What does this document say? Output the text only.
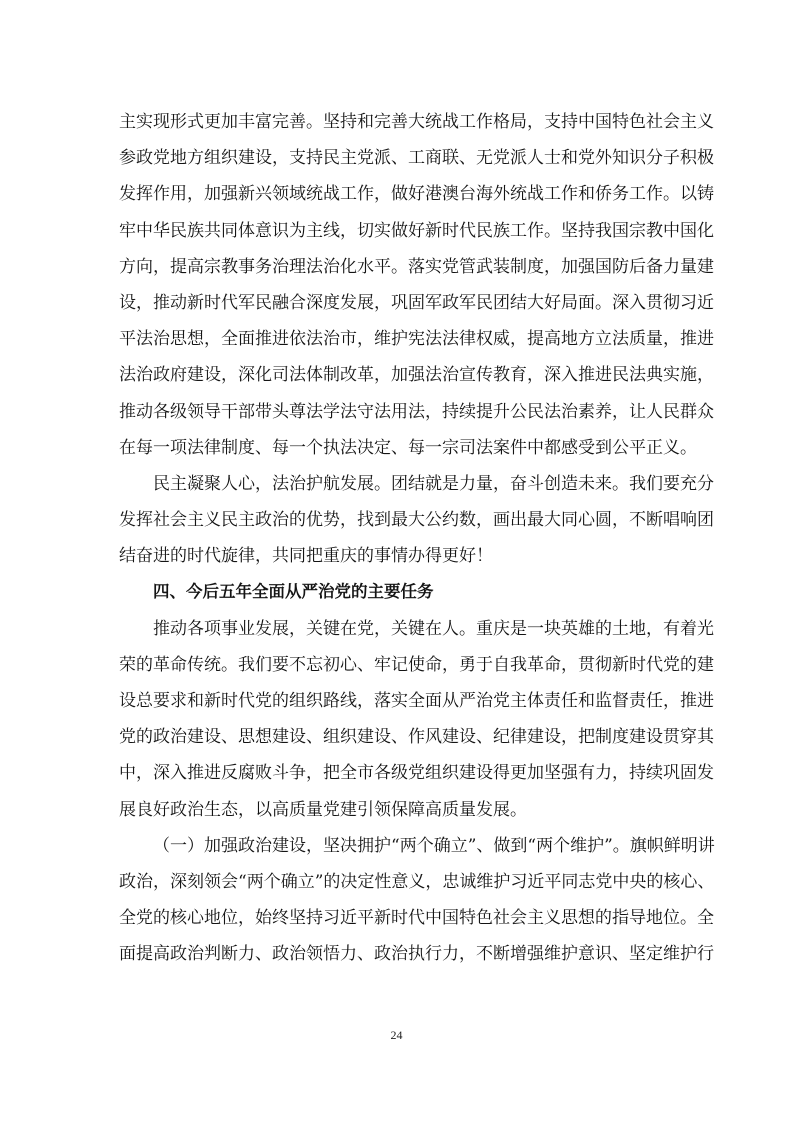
主实现形式更加丰富完善。坚持和完善大统战工作格局，支持中国特色社会主义
参政党地方组织建设，支持民主党派、工商联、无党派人士和党外知识分子积极
发挥作用，加强新兴领域统战工作，做好港澳台海外统战工作和侨务工作。以铸
牢中华民族共同体意识为主线，切实做好新时代民族工作。坚持我国宗教中国化
方向，提高宗教事务治理法治化水平。落实党管武装制度，加强国防后备力量建
设，推动新时代军民融合深度发展，巩固军政军民团结大好局面。深入贯彻习近
平法治思想，全面推进依法治市，维护宪法法律权威，提高地方立法质量，推进
法治政府建设，深化司法体制改革，加强法治宣传教育，深入推进民法典实施，
推动各级领导干部带头尊法学法守法用法，持续提升公民法治素养，让人民群众
在每一项法律制度、每一个执法决定、每一宗司法案件中都感受到公平正义。
民主凝聚人心，法治护航发展。团结就是力量，奋斗创造未来。我们要充分
发挥社会主义民主政治的优势，找到最大公约数，画出最大同心圆，不断唱响团
结奋进的时代旋律，共同把重庆的事情办得更好！
四、今后五年全面从严治党的主要任务
推动各项事业发展，关键在党，关键在人。重庆是一块英雄的土地，有着光
荣的革命传统。我们要不忘初心、牢记使命，勇于自我革命，贯彻新时代党的建
设总要求和新时代党的组织路线，落实全面从严治党主体责任和监督责任，推进
党的政治建设、思想建设、组织建设、作风建设、纪律建设，把制度建设贯穿其
中，深入推进反腐败斗争，把全市各级党组织建设得更加坚强有力，持续巩固发
展良好政治生态，以高质量党建引领保障高质量发展。
（一）加强政治建设，坚决拥护“两个确立”、做到“两个维护”。旗帜鲜明讲
政治，深刻领会“两个确立”的决定性意义，忠诚维护习近平同志党中央的核心、
全党的核心地位，始终坚持习近平新时代中国特色社会主义思想的指导地位。全
面提高政治判断力、政治领悟力、政治执行力，不断增强维护意识、坚定维护行
24
